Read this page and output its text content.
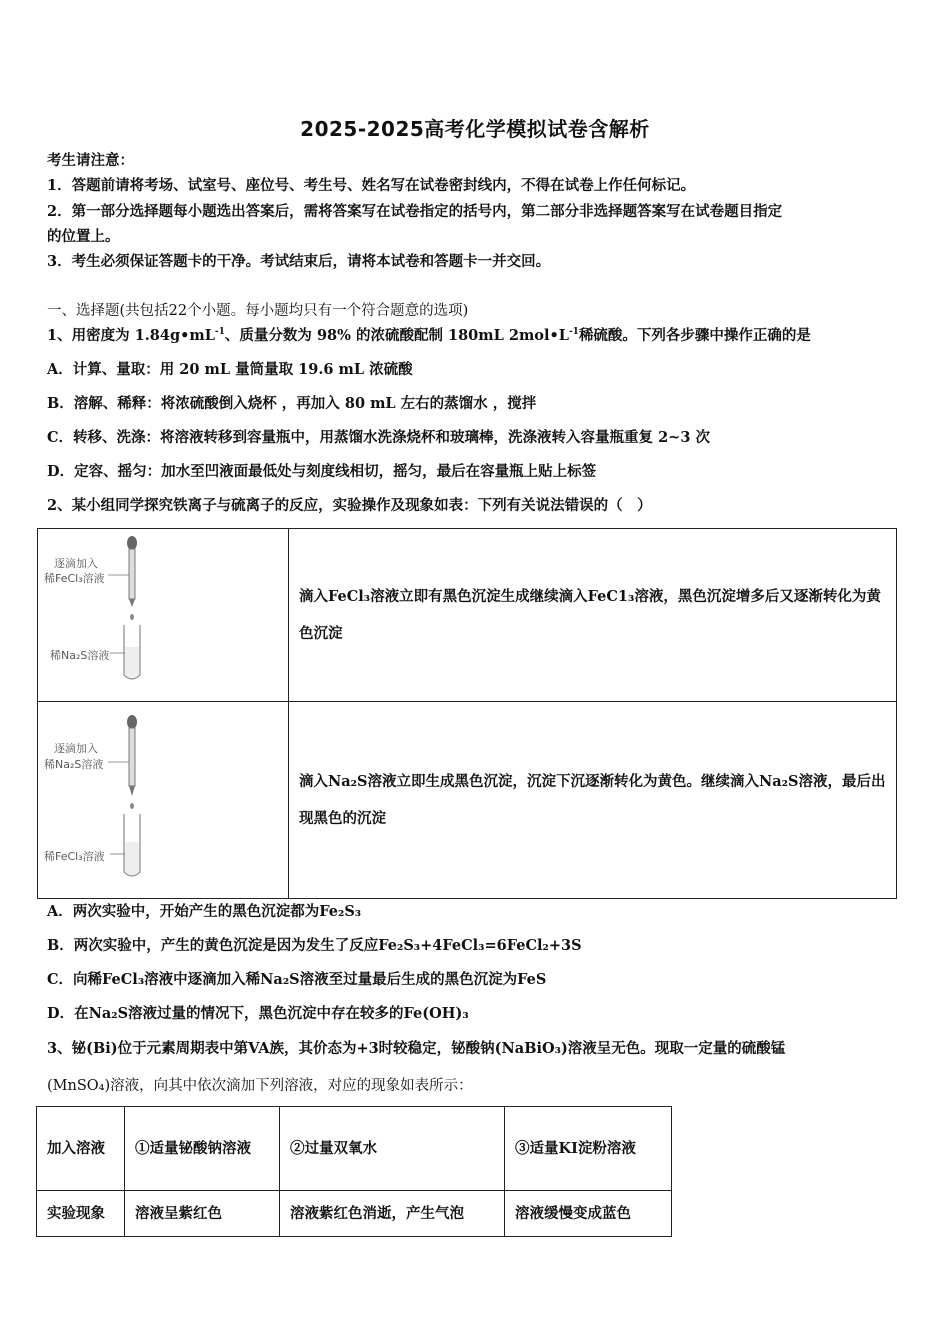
2025-2025高考化学模拟试卷含解析
考生请注意：
1．答题前请将考场、试室号、座位号、考生号、姓名写在试卷密封线内，不得在试卷上作任何标记。
2．第一部分选择题每小题选出答案后，需将答案写在试卷指定的括号内，第二部分非选择题答案写在试卷题目指定
的位置上。
3．考生必须保证答题卡的干净。考试结束后，请将本试卷和答题卡一并交回。
一、选择题(共包括22个小题。每小题均只有一个符合题意的选项)
1、用密度为 $1.84g•mL^{-1}$、质量分数为 98% 的浓硫酸配制 180mL $2mol•L^{-1}$稀硫酸。下列各步骤中操作正确的是
A．计算、量取：用 20 mL 量筒量取 19.6 mL 浓硫酸
B．溶解、稀释：将浓硫酸倒入烧杯 ，再加入 80 mL 左右的蒸馏水 ，搅拌
C．转移、洗涤：将溶液转移到容量瓶中，用蒸馏水洗涤烧杯和玻璃棒，洗涤液转入容量瓶重复 2~3 次
D．定容、摇匀：加水至凹液面最低处与刻度线相切，摇匀，最后在容量瓶上贴上标签
2、某小组同学探究铁离子与硫离子的反应，实验操作及现象如表：下列有关说法错误的（　）
逐滴加入
稀FeCl₃溶液
稀Na₂S溶液	滴入FeCl₃溶液立即有黑色沉淀生成继续滴入FeC1₃溶液，黑色沉淀增多后又逐渐转化为黄色沉淀

逐滴加入
稀Na₂S溶液
稀FeCl₃溶液	滴入Na₂S溶液立即生成黑色沉淀，沉淀下沉逐渐转化为黄色。继续滴入Na₂S溶液，最后出现黑色的沉淀
A．两次实验中，开始产生的黑色沉淀都为Fe₂S₃
B．两次实验中，产生的黄色沉淀是因为发生了反应Fe₂S₃+4FeCl₃=6FeCl₂+3S
C．向稀FeCl₃溶液中逐滴加入稀Na₂S溶液至过量最后生成的黑色沉淀为FeS
D．在Na₂S溶液过量的情况下，黑色沉淀中存在较多的Fe(OH)₃
3、铋(Bi)位于元素周期表中第VA族，其价态为+3时较稳定，铋酸钠(NaBiO₃)溶液呈无色。现取一定量的硫酸锰
(MnSO₄)溶液，向其中依次滴加下列溶液，对应的现象如表所示：
加入溶液	①适量铋酸钠溶液	②过量双氧水	③适量KI淀粉溶液
实验现象	溶液呈紫红色	溶液紫红色消逝，产生气泡	溶液缓慢变成蓝色
